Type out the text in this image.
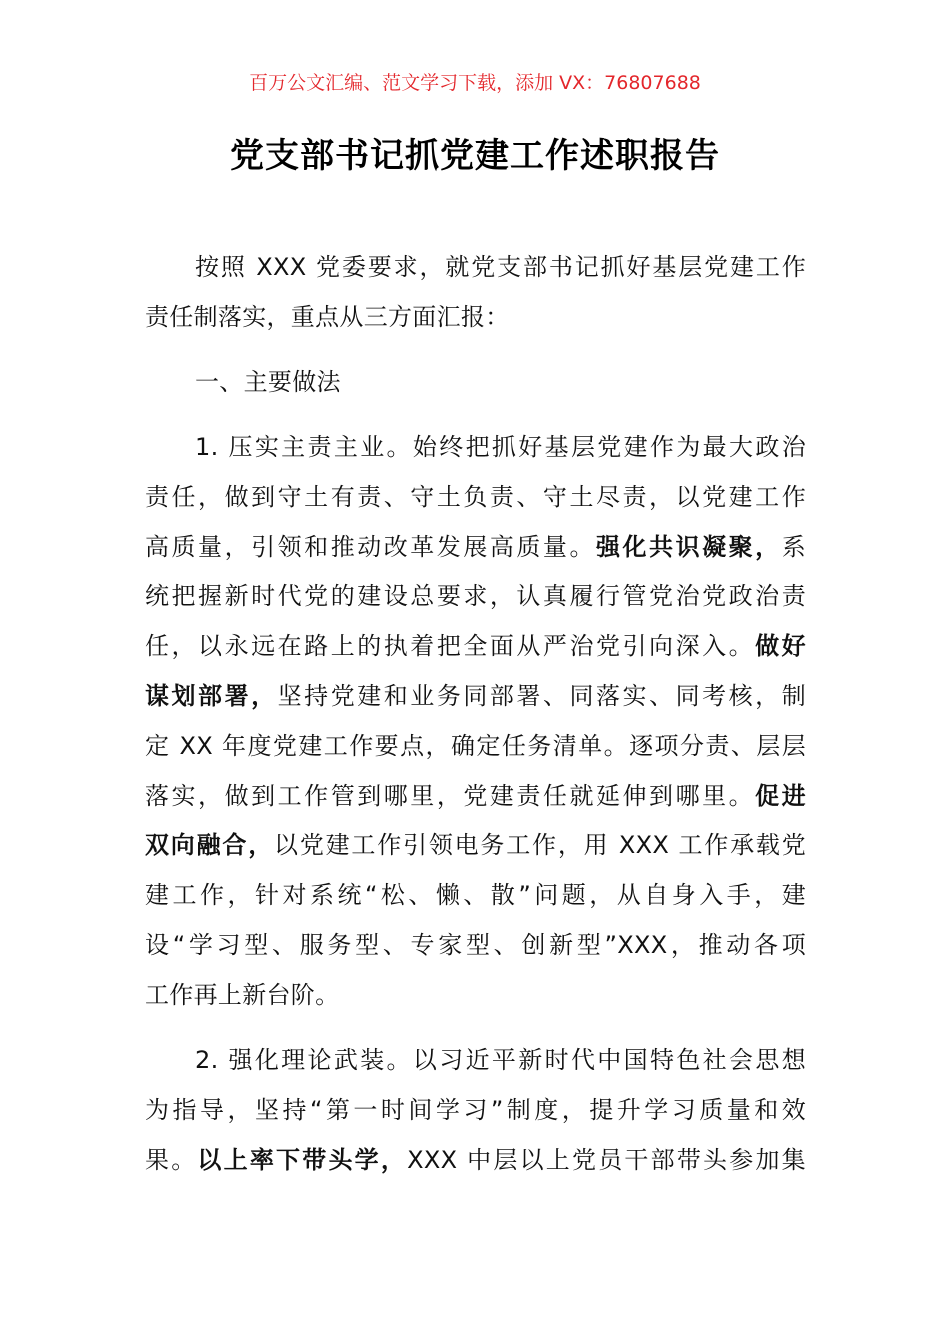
百万公文汇编、范文学习下载，添加 VX：76807688
党支部书记抓党建工作述职报告
按照 XXX 党委要求，就党支部书记抓好基层党建工作
责任制落实，重点从三方面汇报：
一、主要做法
1. 压实主责主业。始终把抓好基层党建作为最大政治
责任，做到守土有责、守土负责、守土尽责，以党建工作
高质量，引领和推动改革发展高质量。强化共识凝聚，系
统把握新时代党的建设总要求，认真履行管党治党政治责
任，以永远在路上的执着把全面从严治党引向深入。做好
谋划部署，坚持党建和业务同部署、同落实、同考核，制
定 XX 年度党建工作要点，确定任务清单。逐项分责、层层
落实，做到工作管到哪里，党建责任就延伸到哪里。促进
双向融合，以党建工作引领电务工作，用 XXX 工作承载党
建工作，针对系统“松、懒、散”问题，从自身入手，建
设“学习型、服务型、专家型、创新型”XXX，推动各项
工作再上新台阶。
2. 强化理论武装。以习近平新时代中国特色社会思想
为指导，坚持“第一时间学习”制度，提升学习质量和效
果。以上率下带头学，XXX 中层以上党员干部带头参加集
